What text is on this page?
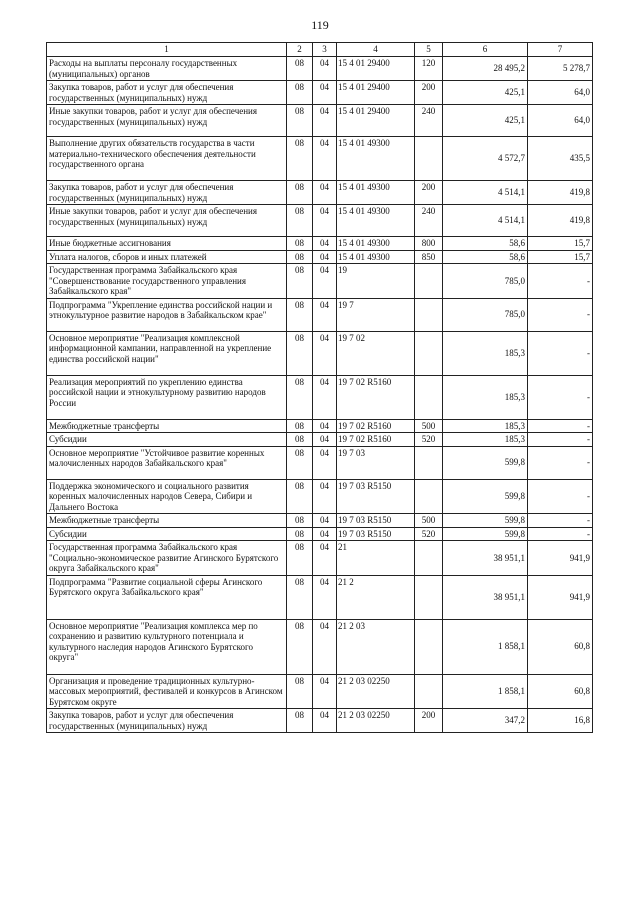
119
1	2	3	4	5	6	7
Расходы на выплаты персоналу государственных (муниципальных) органов	08	04	15 4 01 29400	120	28 495,2	5 278,7
Закупка товаров, работ и услуг для обеспечения государственных (муниципальных) нужд	08	04	15 4 01 29400	200	425,1	64,0
Иные закупки товаров, работ и услуг для обеспечения государственных (муниципальных) нужд	08	04	15 4 01 29400	240	425,1	64,0
Выполнение других обязательств государства в части материально-технического обеспечения деятельности государственного органа	08	04	15 4 01 49300		4 572,7	435,5
Закупка товаров, работ и услуг для обеспечения государственных (муниципальных) нужд	08	04	15 4 01 49300	200	4 514,1	419,8
Иные закупки товаров, работ и услуг для обеспечения государственных (муниципальных) нужд	08	04	15 4 01 49300	240	4 514,1	419,8
Иные бюджетные ассигнования	08	04	15 4 01 49300	800	58,6	15,7
Уплата налогов, сборов и иных платежей	08	04	15 4 01 49300	850	58,6	15,7
Государственная программа Забайкальского края "Совершенствование государственного управления Забайкальского края"	08	04	19		785,0	-
Подпрограмма "Укрепление единства российской нации и этнокультурное развитие народов в Забайкальском крае"	08	04	19 7		785,0	-
Основное мероприятие "Реализация комплексной информационной кампании, направленной на укрепление единства российской нации"	08	04	19 7 02		185,3	-
Реализация мероприятий по укреплению единства российской нации и этнокультурному развитию народов России	08	04	19 7 02 R5160		185,3	-
Межбюджетные трансферты	08	04	19 7 02 R5160	500	185,3	-
Субсидии	08	04	19 7 02 R5160	520	185,3	-
Основное мероприятие "Устойчивое развитие коренных малочисленных народов Забайкальского края"	08	04	19 7 03		599,8	-
Поддержка экономического и социального развития коренных малочисленных народов Севера, Сибири и Дальнего Востока	08	04	19 7 03 R5150		599,8	-
Межбюджетные трансферты	08	04	19 7 03 R5150	500	599,8	-
Субсидии	08	04	19 7 03 R5150	520	599,8	-
Государственная программа Забайкальского края "Социально-экономическое развитие Агинского Бурятского округа Забайкальского края"	08	04	21		38 951,1	941,9
Подпрограмма "Развитие социальной сферы Агинского Бурятского округа Забайкальского края"	08	04	21 2		38 951,1	941,9
Основное мероприятие "Реализация комплекса мер по сохранению и развитию культурного потенциала и культурного наследия народов Агинского Бурятского округа"	08	04	21 2 03		1 858,1	60,8
Организация и проведение традиционных культурно-массовых мероприятий, фестивалей и конкурсов в Агинском Бурятском округе	08	04	21 2 03 02250		1 858,1	60,8
Закупка товаров, работ и услуг для обеспечения государственных (муниципальных) нужд	08	04	21 2 03 02250	200	347,2	16,8
